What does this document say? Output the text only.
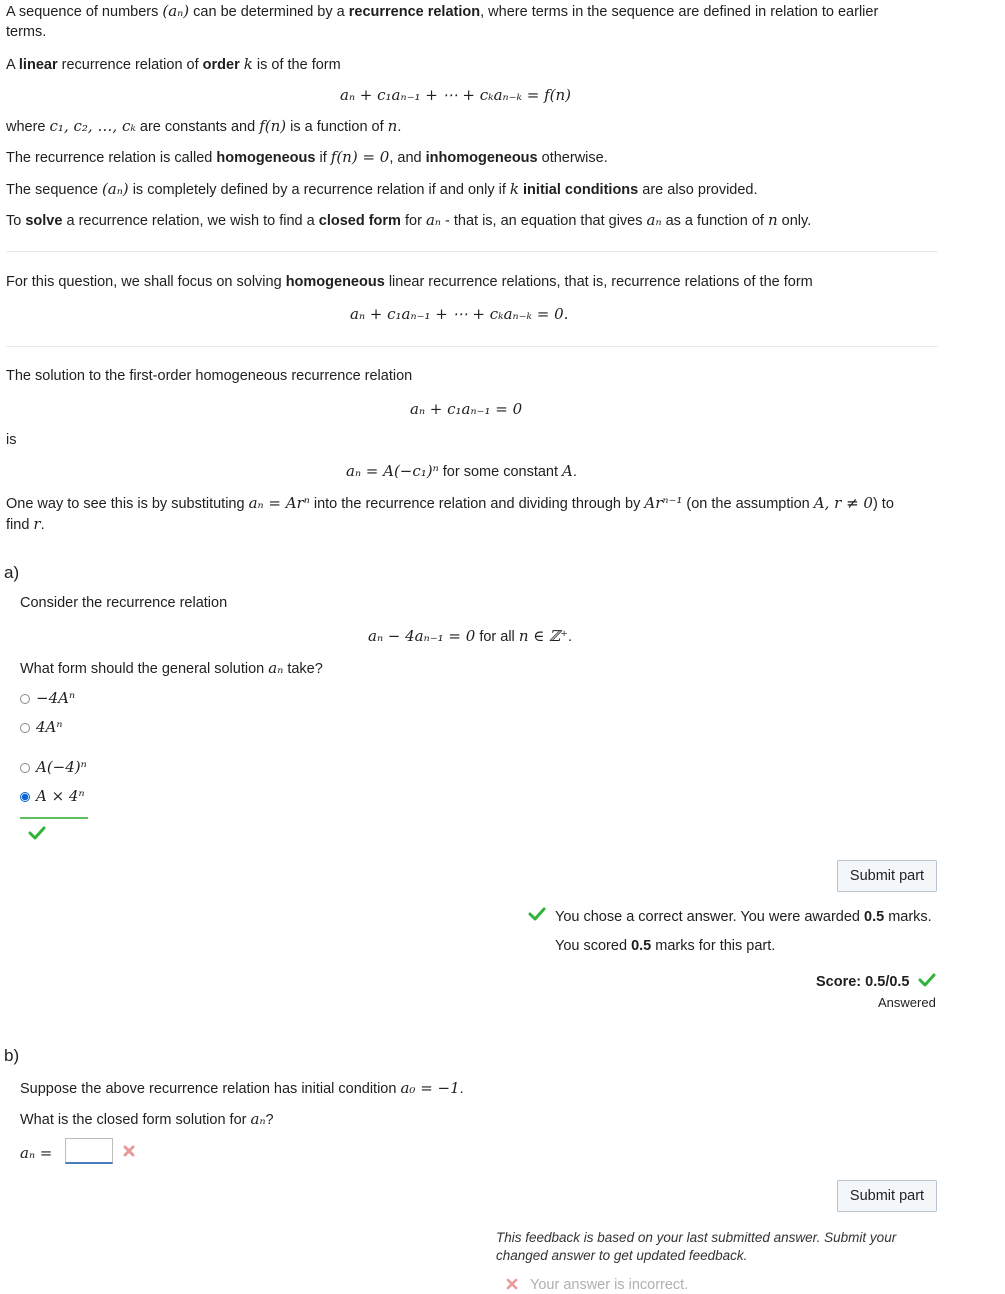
A sequence of numbers (aₙ) can be determined by a recurrence relation, where terms in the sequence are defined in relation to earlier
terms.
A linear recurrence relation of order k is of the form
aₙ + c₁aₙ₋₁ + ⋯ + cₖaₙ₋ₖ = f(n)
where c₁, c₂, …, cₖ are constants and f(n) is a function of n.
The recurrence relation is called homogeneous if f(n) = 0, and inhomogeneous otherwise.
The sequence (aₙ) is completely defined by a recurrence relation if and only if k initial conditions are also provided.
To solve a recurrence relation, we wish to find a closed form for aₙ - that is, an equation that gives aₙ as a function of n only.
For this question, we shall focus on solving homogeneous linear recurrence relations, that is, recurrence relations of the form
aₙ + c₁aₙ₋₁ + ⋯ + cₖaₙ₋ₖ = 0.
The solution to the first-order homogeneous recurrence relation
aₙ + c₁aₙ₋₁ = 0
is
aₙ = A(−c₁)ⁿ for some constant A.
One way to see this is by substituting aₙ = Arⁿ into the recurrence relation and dividing through by Arⁿ⁻¹ (on the assumption A, r ≠ 0) to
find r.
a)
Consider the recurrence relation
aₙ − 4aₙ₋₁ = 0 for all n ∈ ℤ⁺.
What form should the general solution aₙ take?
−4Aⁿ
4Aⁿ
A(−4)ⁿ
A × 4ⁿ
Submit part
You chose a correct answer. You were awarded 0.5 marks.
You scored 0.5 marks for this part.
Score: 0.5/0.5
Answered
b)
Suppose the above recurrence relation has initial condition a₀ = −1.
What is the closed form solution for aₙ?
aₙ =
Submit part
This feedback is based on your last submitted answer. Submit your changed answer to get updated feedback.
Your answer is incorrect.
